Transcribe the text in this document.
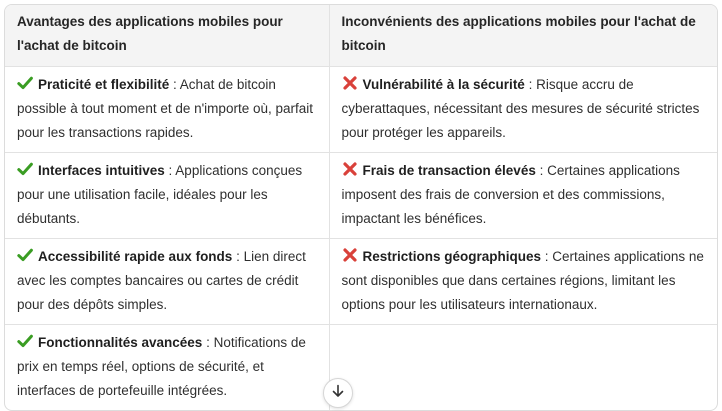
Avantages des applications mobiles pour l'achat de bitcoin	Inconvénients des applications mobiles pour l'achat de bitcoin

Praticité et flexibilité : Achat de bitcoin possible à tout moment et de n'importe où, parfait pour les transactions rapides.	Vulnérabilité à la sécurité : Risque accru de cyberattaques, nécessitant des mesures de sécurité strictes pour protéger les appareils.

Interfaces intuitives : Applications conçues pour une utilisation facile, idéales pour les débutants.	Frais de transaction élevés : Certaines applications imposent des frais de conversion et des commissions, impactant les bénéfices.

Accessibilité rapide aux fonds : Lien direct avec les comptes bancaires ou cartes de crédit pour des dépôts simples.	Restrictions géographiques : Certaines applications ne sont disponibles que dans certaines régions, limitant les options pour les utilisateurs internationaux.

Fonctionnalités avancées : Notifications de prix en temps réel, options de sécurité, et interfaces de portefeuille intégrées.	
